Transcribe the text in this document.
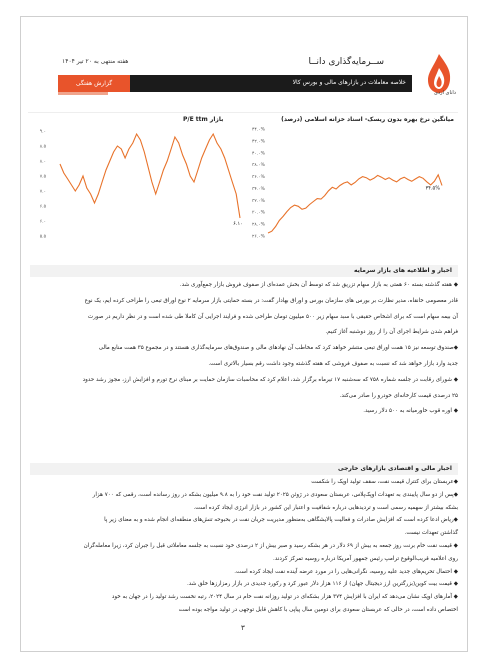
هفته منتهی به ۲۰ تیر ۱۴۰۴	ســرمایه‌گذاری دانــا
گزارش هفتگی	خلاصه معاملات در بازارهای مالی و بورس کالا
دانای اردی
میانگین نرخ بهره بدون ریسک- اسناد خزانه اسلامی (درصد)
P/E ttm بازار
۹.۰
۸.۵
۸.۰
۷.۵
۷.۰
۶.۵
۶.۰
۵.۵
۶.۱۰
۴۴.۰%
۴۲.۰%
۴۰.۰%
۳۸.۰%
۳۶.۰%
۳۴.۰%
۳۲.۰%
۳۰.۰%
۲۸.۰%
۲۶.۰%
۳۴.۵%
اخبار و اطلاعیه های بازار سرمایه

◆ هفته گذشته بسته ۶۰ همتی به بازار سهام تزریق شد که توسط آن بخش عمده‌ای از صفوف فروش بازار جمع‌آوری شد.

قادر معصومی خانقاه، مدیر نظارت بر بورس های سازمان بورس و اوراق بهادار گفت: در بسته حمایتی بازار سرمایه ۲ نوع اوراق تبعی را طراحی کرده ایم، یک نوع

آن بیمه سهام است که برای اشخاص حقیقی با سبد سهام زیر ۵۰۰ میلیون تومان طراحی شده و فرایند اجرایی آن کاملا طی شده است و در نظر داریم در صورت

فراهم شدن شرایط اجرای آن را از روز دوشنبه آغاز کنیم.

◆صندوق توسعه نیز ۱۵ همت اوراق تبعی منتشر خواهد کرد که مخاطب آن نهادهای مالی و صندوق‌های سرمایه‌گذاری هستند و در مجموع ۳۵ همت منابع مالی

جدید وارد بازار خواهد شد که نسبت به صفوف فروشی که هفته گذشته وجود داشت رقم بسیار بالاتری است.

◆ شورای رقابت در جلسه شماره ۷۵۸ که سه‌شنبه ۱۷ تیرماه برگزار شد، اعلام کرد که محاسبات سازمان حمایت بر مبنای نرخ تورم و افزایش ارز، مجوز رشد حدود

۲۵ درصدی قیمت کارخانه‌ای خودرو را صادر می‌کند.

◆ اوره قوب خاورمیانه به ۵۰۰ دلار رسید.

اخبار مالی و اقتصادی بازارهای خارجی

◆عربستان برای کنترل قیمت نفت، سقف تولید اوپک را شکست

◆پس از دو سال پایبندی به تعهدات اوپک‌پلاس، عربستان سعودی در ژوئن ۲۰۲۵ تولید نفت خود را به ۹.۸ میلیون بشکه در روز رسانده است، رقمی که ۷۰۰ هزار

بشکه بیشتر از سهمیه رسمی است و تردیدهایی درباره شفافیت و اعتبار این کشور در بازار انرژی ایجاد کرده است.

◆ریاض ادعا کرده است که افزایش صادرات و فعالیت پالایشگاهی به‌منظور مدیریت جریان نفت در بحبوحه تنش‌های منطقه‌ای انجام شده و به معنای زیر پا

گذاشتن تعهدات نیست.

◆ قیمت نفت خام برنت روز جمعه به بیش از ۶۹ دلار در هر بشکه رسید و صبر بیش از ۲ درصدی خود نسبت به جلسه معاملاتی قبل را جبران کرد، زیرا معامله‌گران

روی اعلامیه قریب‌الوقوع ترامپ رئیس جمهور آمریکا درباره روسیه تمرکز کردند.

◆ احتمال تحریم‌های جدید علیه روسیه، نگرانی‌هایی را در مورد عرضه آینده نفت ایجاد کرده است.

◆ قیمت بیت کوین(بزرگترین ارز دیجیتال جهان) از ۱۱۶ هزار دلار عبور کرد و رکورد جدیدی در بازار رمزارزها خلق شد.

◆ آمارهای اوپک نشان می‌دهد که ایران با افزایش ۳۷۴ هزار بشکه‌ای در تولید روزانه نفت خام در سال ۲۰۲۴، رتبه نخست رشد تولید را در جهان به خود

اختصاص داده است، در حالی که عربستان سعودی برای دومین سال پیاپی با کاهش قابل توجهی در تولید مواجه بوده است

۳
